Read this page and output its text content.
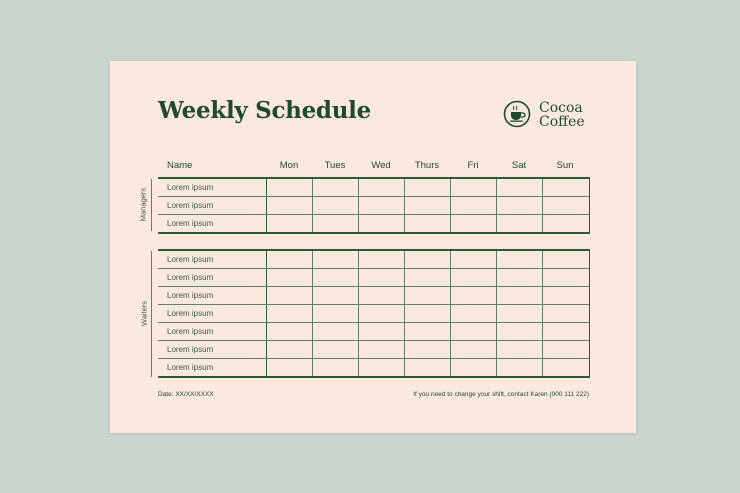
Weekly Schedule	Cocoa
Coffee
Name	Mon	Tues	Wed	Thurs	Fri	Sat	Sun
Managers
Lorem ipsum
Lorem ipsum
Lorem ipsum
Waiters
Lorem ipsum
Lorem ipsum
Lorem ipsum
Lorem ipsum
Lorem ipsum
Lorem ipsum
Lorem ipsum
Date: XX/XX/XXXX	If you need to change your shift, contact Karen (000 111 222)
